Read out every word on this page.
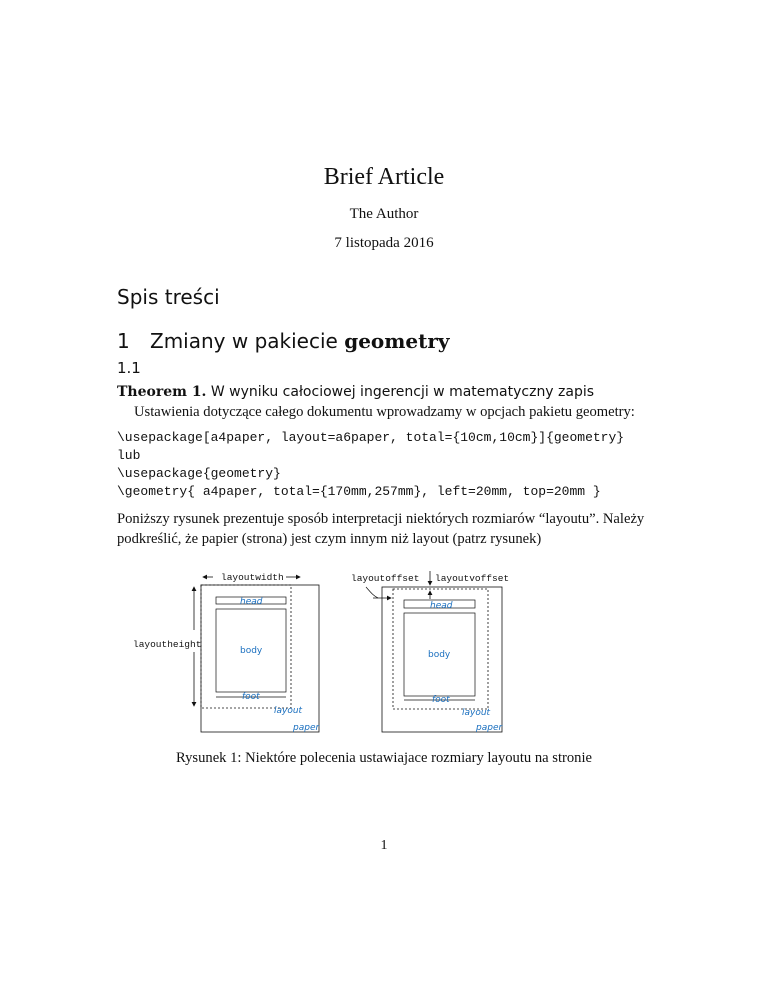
Brief Article
The Author
7 listopada 2016
Spis treści
1 Zmiany w pakiecie geometry
1.1
Theorem 1. W wyniku całociowej ingerencji w matematyczny zapis
Ustawienia dotyczące całego dokumentu wprowadzamy w opcjach pakietu geometry:
\usepackage[a4paper, layout=a6paper, total={10cm,10cm}]{geometry}
lub
\usepackage{geometry}
\geometry{ a4paper, total={170mm,257mm}, left=20mm, top=20mm }
Poniższy rysunek prezentuje sposób interpretacji niektórych rozmiarów “layoutu”. Należy
podkreślić, że papier (strona) jest czym innym niż layout (patrz rysunek)
layoutwidth
layoutheight
head
body
foot
layout
paper
layoutoffset layoutvoffset
head
body
foot
layout
paper
Rysunek 1: Niektóre polecenia ustawiajace rozmiary layoutu na stronie
1
